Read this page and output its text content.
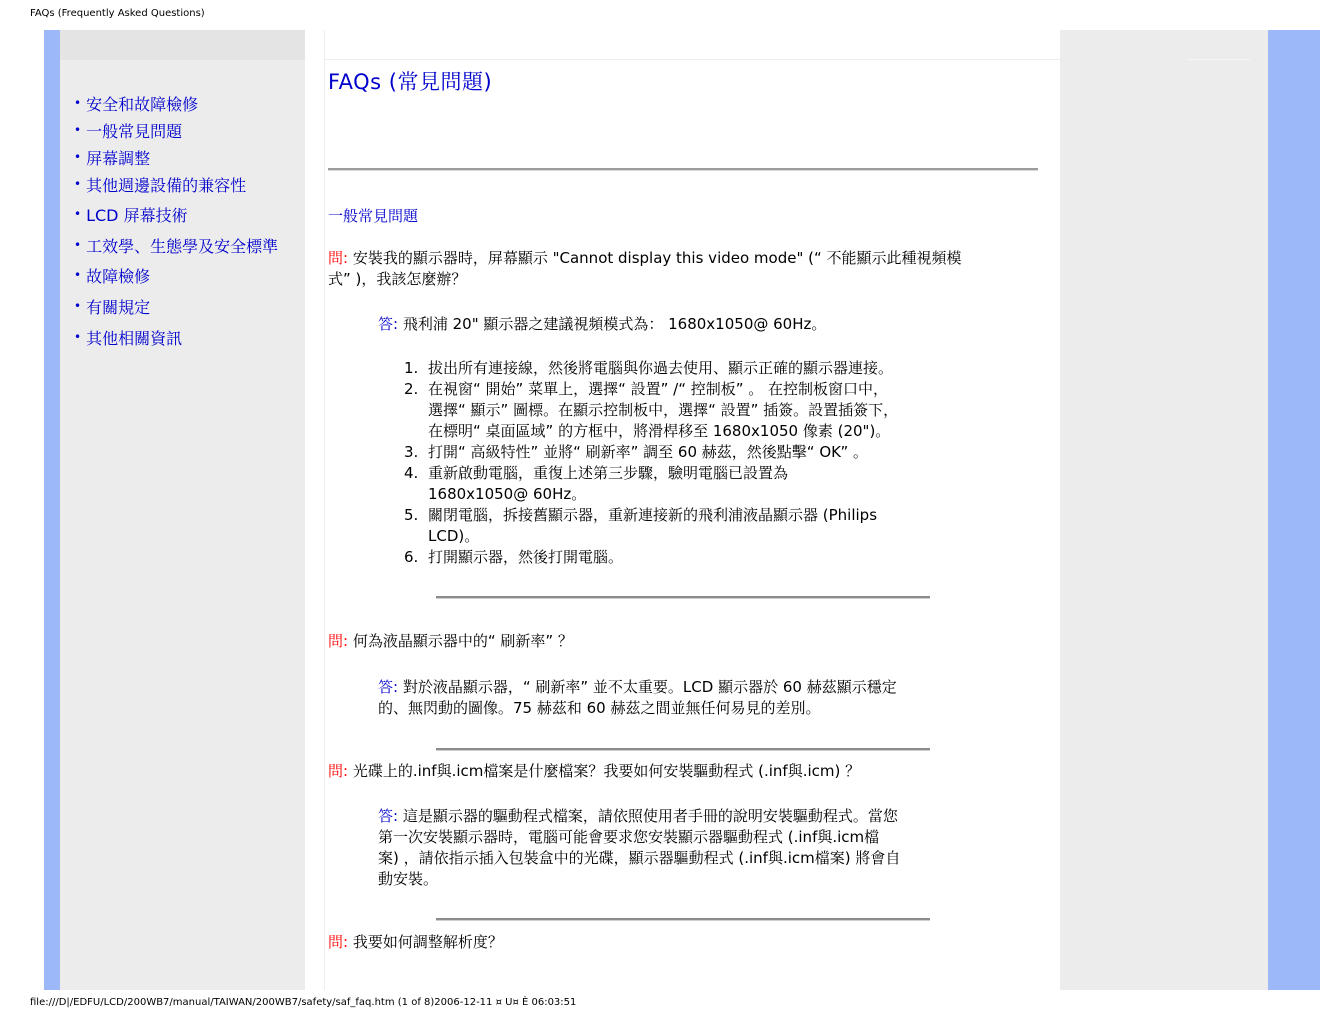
FAQs (Frequently Asked Questions)
• 安全和故障檢修
• 一般常見問題
• 屏幕調整
• 其他週邊設備的兼容性
• LCD 屏幕技術
• 工效學、生態學及安全標準
• 故障檢修
• 有關規定
• 其他相關資訊
FAQs (常見問題)
一般常見問題
問: 安裝我的顯示器時，屏幕顯示 "Cannot display this video mode" (“ 不能顯示此種視頻模
式” )，我該怎麼辦？
答: 飛利浦 20" 顯示器之建議視頻模式為： 1680x1050@ 60Hz。
1. 拔出所有連接線，然後將電腦與你過去使用、顯示正確的顯示器連接。
2. 在視窗“ 開始” 菜單上，選擇“ 設置” /“ 控制板” 。 在控制板窗口中，
選擇“ 顯示” 圖標。在顯示控制板中，選擇“ 設置” 插簽。設置插簽下，
在標明“ 桌面區域” 的方框中，將滑桿移至 1680x1050 像素 (20")。
3. 打開“ 高級特性” 並將“ 刷新率” 調至 60 赫茲，然後點擊“ OK” 。
4. 重新啟動電腦，重復上述第三步驟，驗明電腦已設置為
1680x1050@ 60Hz。
5. 關閉電腦，拆接舊顯示器，重新連接新的飛利浦液晶顯示器 (Philips
LCD)。
6. 打開顯示器，然後打開電腦。
問: 何為液晶顯示器中的“ 刷新率” ？
答: 對於液晶顯示器，“ 刷新率” 並不太重要。LCD 顯示器於 60 赫茲顯示穩定
的、無閃動的圖像。75 赫茲和 60 赫茲之間並無任何易見的差別。
問: 光碟上的.inf與.icm檔案是什麼檔案？我要如何安裝驅動程式 (.inf與.icm) ？
答: 這是顯示器的驅動程式檔案，請依照使用者手冊的說明安裝驅動程式。當您
第一次安裝顯示器時，電腦可能會要求您安裝顯示器驅動程式 (.inf與.icm檔
案) ，請依指示插入包裝盒中的光碟，顯示器驅動程式 (.inf與.icm檔案) 將會自
動安裝。
問: 我要如何調整解析度？
file:///D|/EDFU/LCD/200WB7/manual/TAIWAN/200WB7/safety/saf_faq.htm (1 of 8)2006-12-11 ¤ U¤ È 06:03:51
